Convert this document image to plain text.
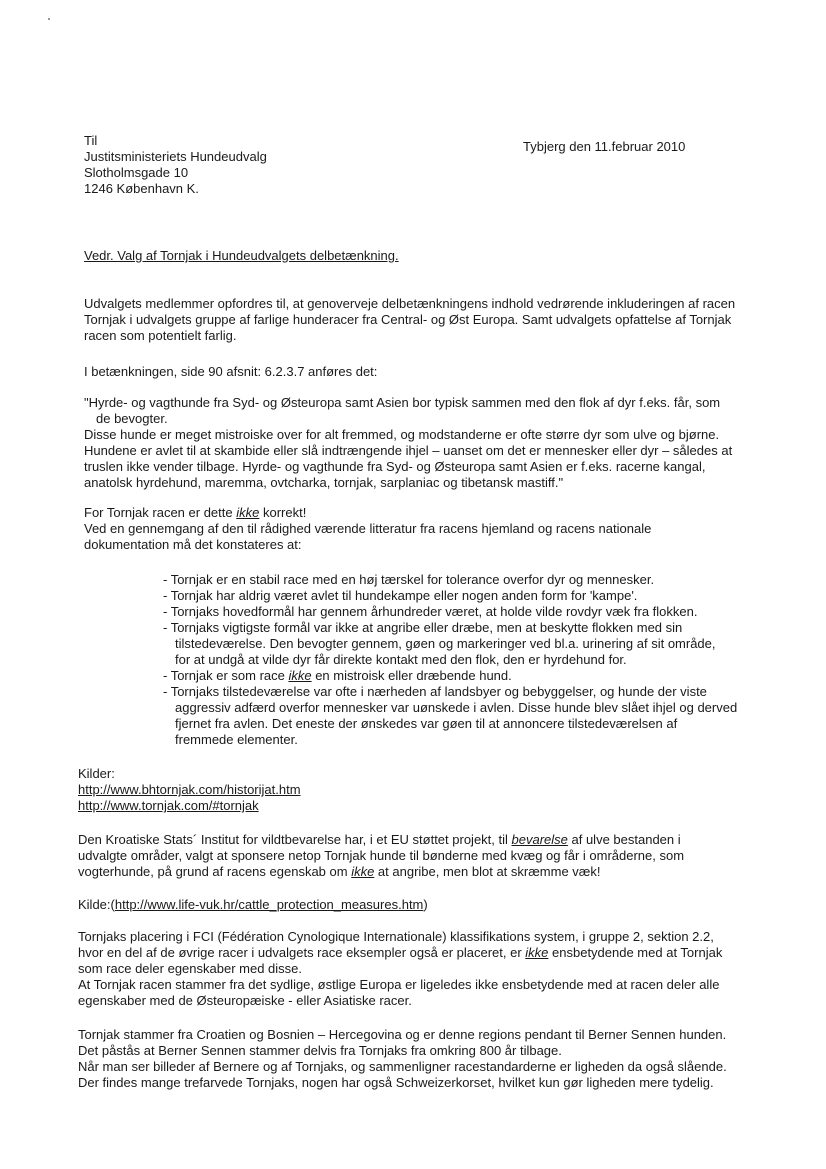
Til
Justitsministeriets Hundeudvalg
Slotholmsgade 10
1246 København K.
Tybjerg den 11.februar 2010
Vedr. Valg af Tornjak i Hundeudvalgets delbetænkning.
Udvalgets medlemmer opfordres til, at genoverveje delbetænkningens indhold vedrørende inkluderingen af racen
Tornjak i udvalgets gruppe af farlige hunderacer fra Central- og Øst Europa. Samt udvalgets opfattelse af Tornjak
racen som potentielt farlig.
I betænkningen, side 90 afsnit: 6.2.3.7 anføres det:
"Hyrde- og vagthunde fra Syd- og Østeuropa samt Asien bor typisk sammen med den flok af dyr f.eks. får, som
de bevogter.
Disse hunde er meget mistroiske over for alt fremmed, og modstanderne er ofte større dyr som ulve og bjørne.
Hundene er avlet til at skambide eller slå indtrængende ihjel – uanset om det er mennesker eller dyr – således at
truslen ikke vender tilbage. Hyrde- og vagthunde fra Syd- og Østeuropa samt Asien er f.eks. racerne kangal,
anatolsk hyrdehund, maremma, ovtcharka, tornjak, sarplaniac og tibetansk mastiff."
For Tornjak racen er dette ikke korrekt!
Ved en gennemgang af den til rådighed værende litteratur fra racens hjemland og racens nationale
dokumentation må det konstateres at:
- Tornjak er en stabil race med en høj tærskel for tolerance overfor dyr og mennesker.
- Tornjak har aldrig været avlet til hundekampe eller nogen anden form for 'kampe'.
- Tornjaks hovedformål har gennem århundreder været, at holde vilde rovdyr væk fra flokken.
- Tornjaks vigtigste formål var ikke at angribe eller dræbe, men at beskytte flokken med sin
tilstedeværelse. Den bevogter gennem, gøen og markeringer ved bl.a. urinering af sit område,
for at undgå at vilde dyr får direkte kontakt med den flok, den er hyrdehund for.
- Tornjak er som race ikke en mistroisk eller dræbende hund.
- Tornjaks tilstedeværelse var ofte i nærheden af landsbyer og bebyggelser, og hunde der viste
aggressiv adfærd overfor mennesker var uønskede i avlen. Disse hunde blev slået ihjel og derved
fjernet fra avlen. Det eneste der ønskedes var gøen til at annoncere tilstedeværelsen af
fremmede elementer.
Kilder:
http://www.bhtornjak.com/historijat.htm
http://www.tornjak.com/#tornjak
Den Kroatiske Stats´ Institut for vildtbevarelse har, i et EU støttet projekt, til bevarelse af ulve bestanden i
udvalgte områder, valgt at sponsere netop Tornjak hunde til bønderne med kvæg og får i områderne, som
vogterhunde, på grund af racens egenskab om ikke at angribe, men blot at skræmme væk!
Kilde:(http://www.life-vuk.hr/cattle_protection_measures.htm)
Tornjaks placering i FCI (Fédération Cynologique Internationale) klassifikations system, i gruppe 2, sektion 2.2,
hvor en del af de øvrige racer i udvalgets race eksempler også er placeret, er ikke ensbetydende med at Tornjak
som race deler egenskaber med disse.
At Tornjak racen stammer fra det sydlige, østlige Europa er ligeledes ikke ensbetydende med at racen deler alle
egenskaber med de Østeuropæiske - eller Asiatiske racer.
Tornjak stammer fra Croatien og Bosnien – Hercegovina og er denne regions pendant til Berner Sennen hunden.
Det påstås at Berner Sennen stammer delvis fra Tornjaks fra omkring 800 år tilbage.
Når man ser billeder af Bernere og af Tornjaks, og sammenligner racestandarderne er ligheden da også slående.
Der findes mange trefarvede Tornjaks, nogen har også Schweizerkorset, hvilket kun gør ligheden mere tydelig.
